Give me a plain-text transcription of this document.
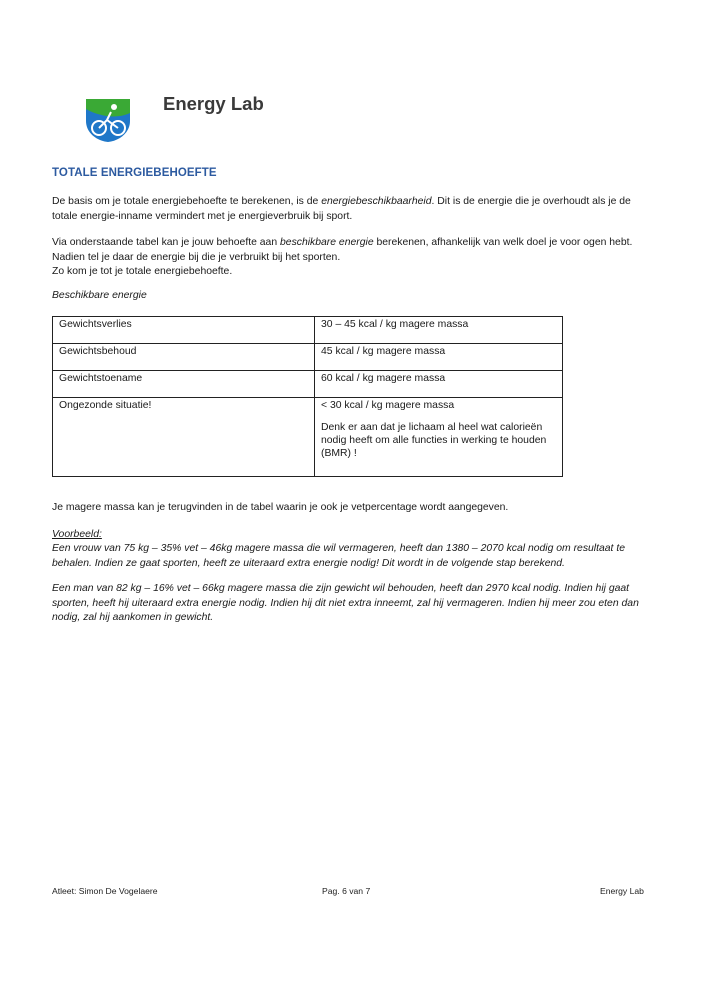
Energy Lab
TOTALE ENERGIEBEHOEFTE

De basis om je totale energiebehoefte te berekenen, is de energiebeschikbaarheid. Dit is de energie die je overhoudt als je de totale energie-inname vermindert met je energieverbruik bij sport.

Via onderstaande tabel kan je jouw behoefte aan beschikbare energie berekenen, afhankelijk van welk doel je voor ogen hebt. Nadien tel je daar de energie bij die je verbruikt bij het sporten.
Zo kom je tot je totale energiebehoefte.

Beschikbare energie
Gewichtsverlies	30 – 45 kcal / kg magere massa
Gewichtsbehoud	45 kcal / kg magere massa
Gewichtstoename	60 kcal / kg magere massa
Ongezonde situatie!	< 30 kcal / kg magere massa
Denk er aan dat je lichaam al heel wat calorieën nodig heeft om alle functies in werking te houden (BMR) !

Je magere massa kan je terugvinden in de tabel waarin je ook je vetpercentage wordt aangegeven.

Voorbeeld:

Een vrouw van 75 kg – 35% vet – 46kg magere massa die wil vermageren, heeft dan 1380 – 2070 kcal nodig om resultaat te behalen. Indien ze gaat sporten, heeft ze uiteraard extra energie nodig! Dit wordt in de volgende stap berekend.

Een man van 82 kg – 16% vet – 66kg magere massa die zijn gewicht wil behouden, heeft dan 2970 kcal nodig. Indien hij gaat sporten, heeft hij uiteraard extra energie nodig. Indien hij dit niet extra inneemt, zal hij vermageren. Indien hij meer zou eten dan nodig, zal hij aankomen in gewicht.

Atleet: Simon De Vogelaere	Pag. 6 van 7	Energy Lab
